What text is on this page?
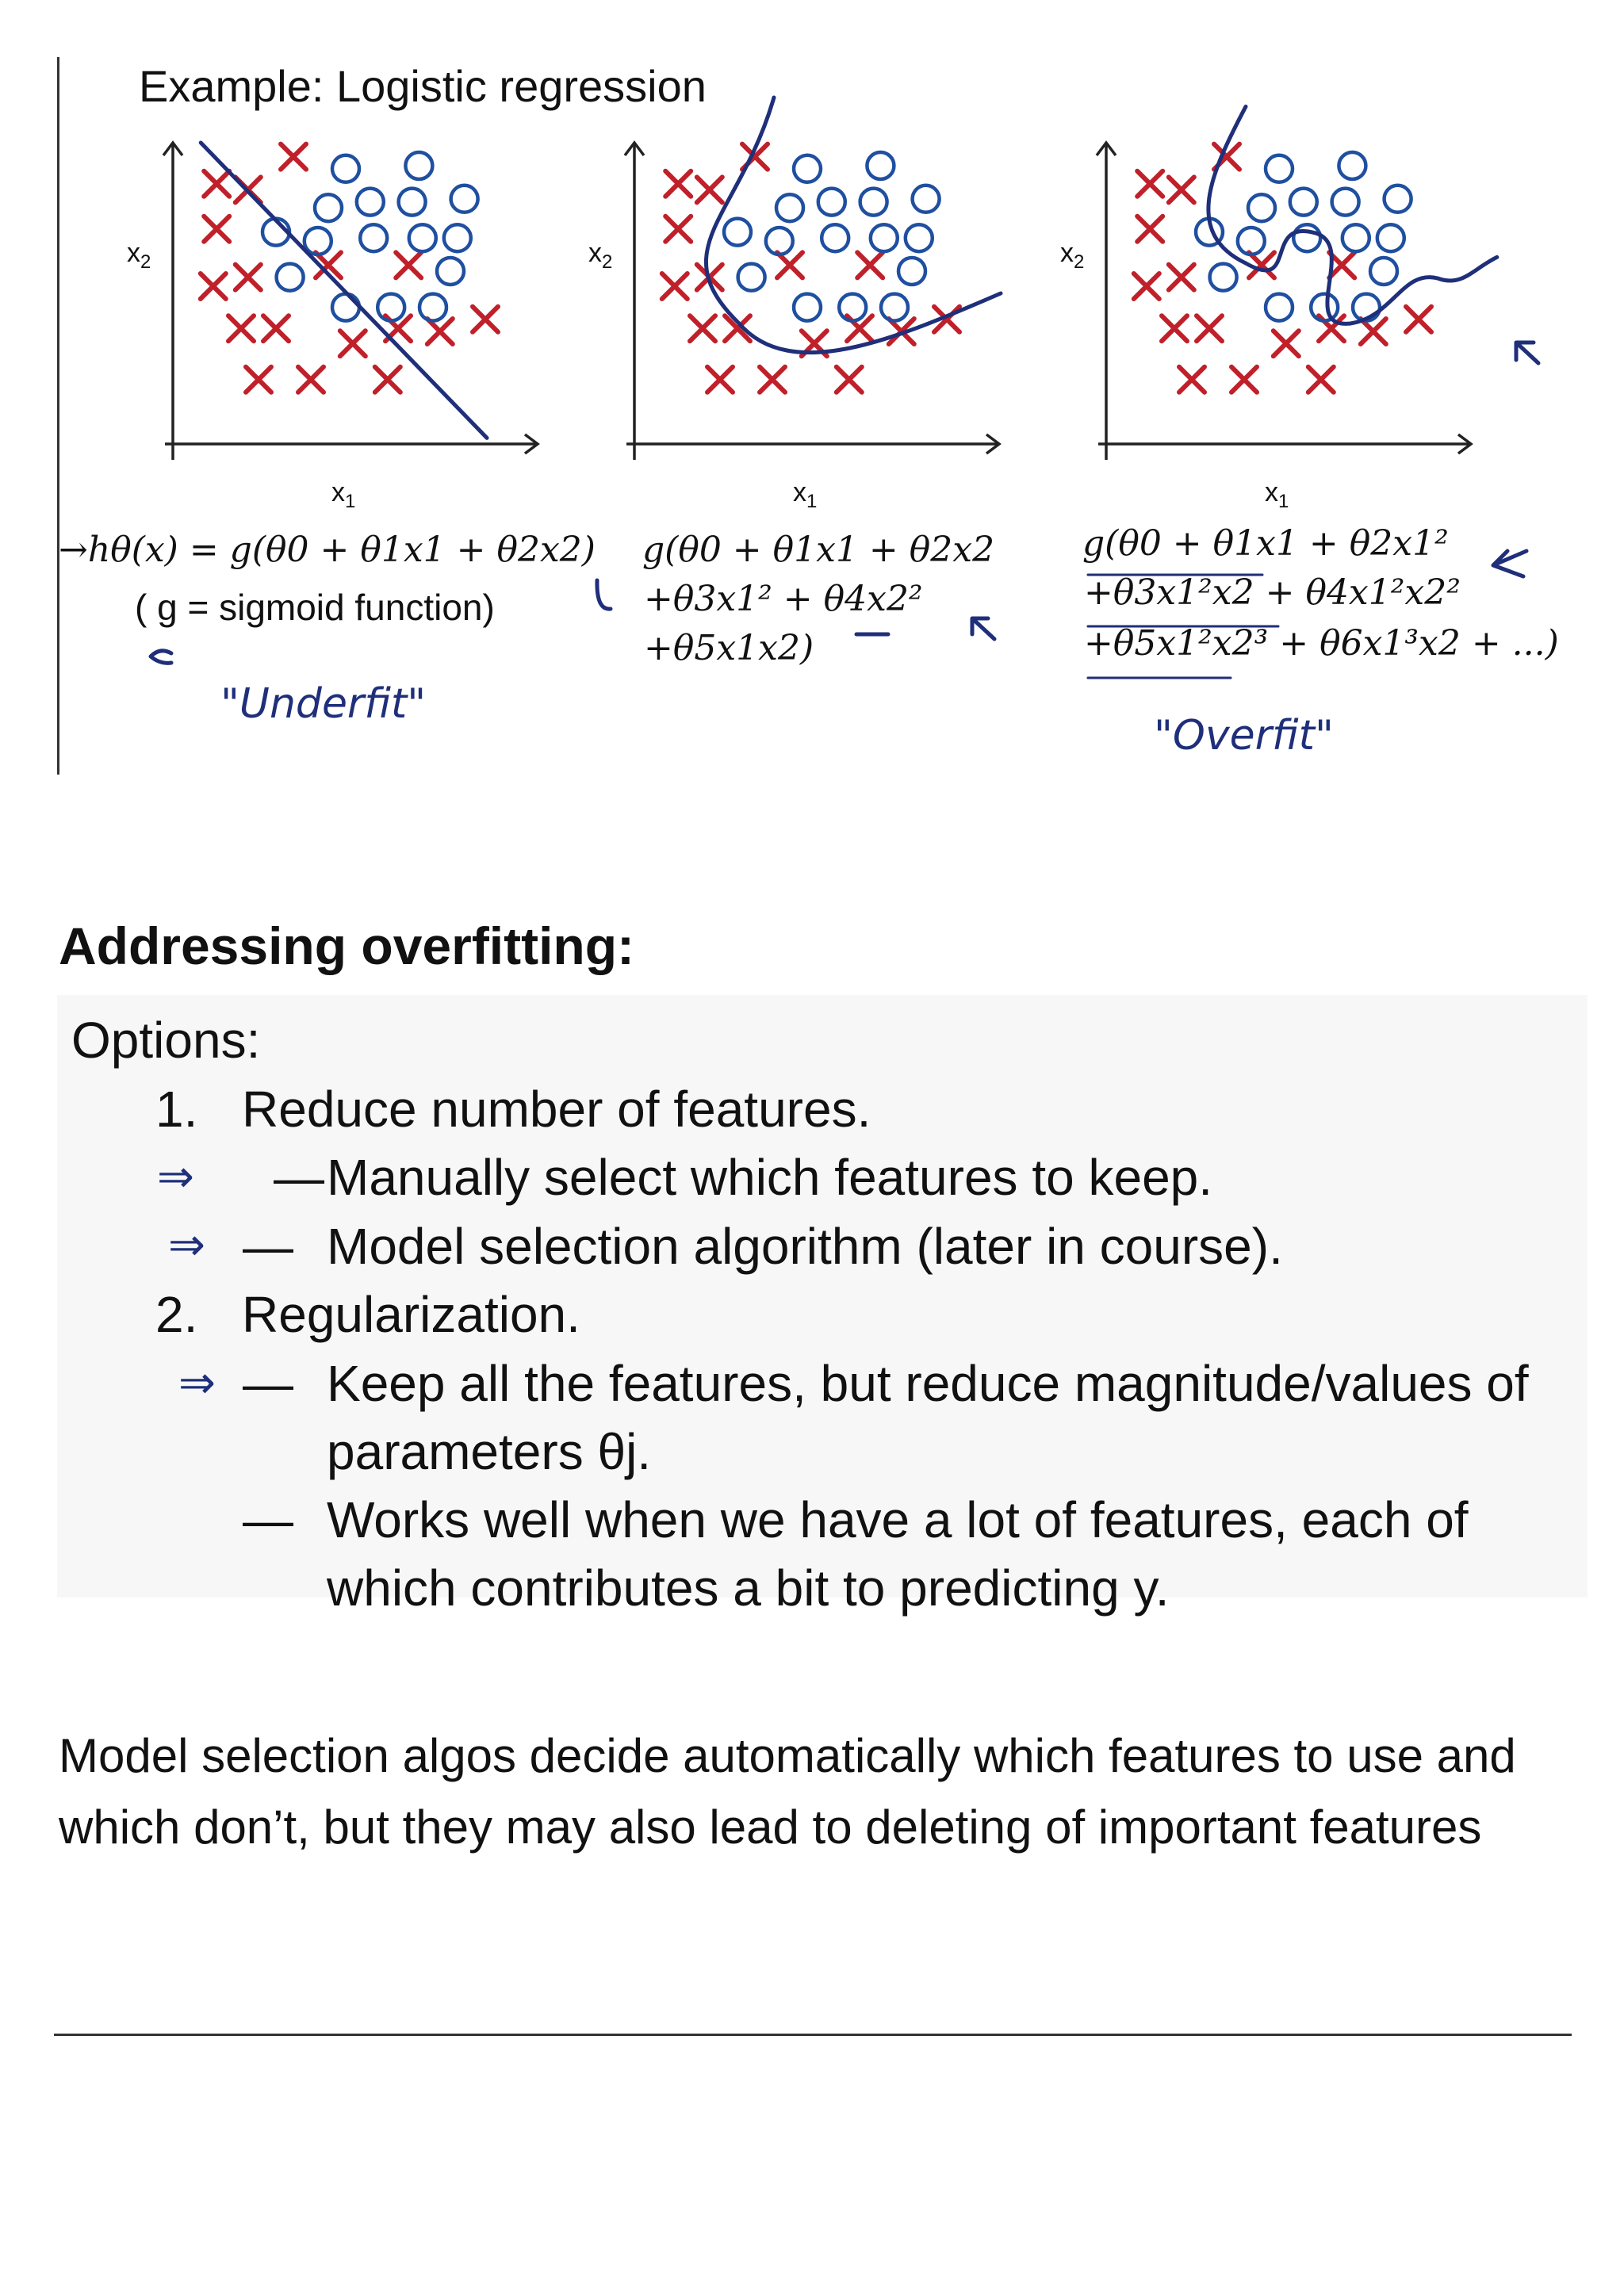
Example: Logistic regression
$x_2$
$x_1$
$x_2$
$x_1$
$x_2$
$x_1$
→hθ(x) = g(θ0 + θ1x1 + θ2x2)
( g = sigmoid function)
g(θ0 + θ1x1 + θ2x2
+θ3x1² + θ4x2²
+θ5x1x2)
g(θ0 + θ1x1 + θ2x1²
+θ3x1²x2 + θ4x1²x2²
+θ5x1²x2³ + θ6x1³x2 + ...)
"Underfit"
"Overfit"
Addressing overfitting:
Options:
1. Reduce number of features.
⇒ — Manually select which features to keep.
⇒ — Model selection algorithm (later in course).
2. Regularization.
⇒ — Keep all the features, but reduce magnitude/values of
parameters θj.
— Works well when we have a lot of features, each of
which contributes a bit to predicting y.

Model selection algos decide automatically which features to use and which don’t, but they may also lead to deleting of important features
